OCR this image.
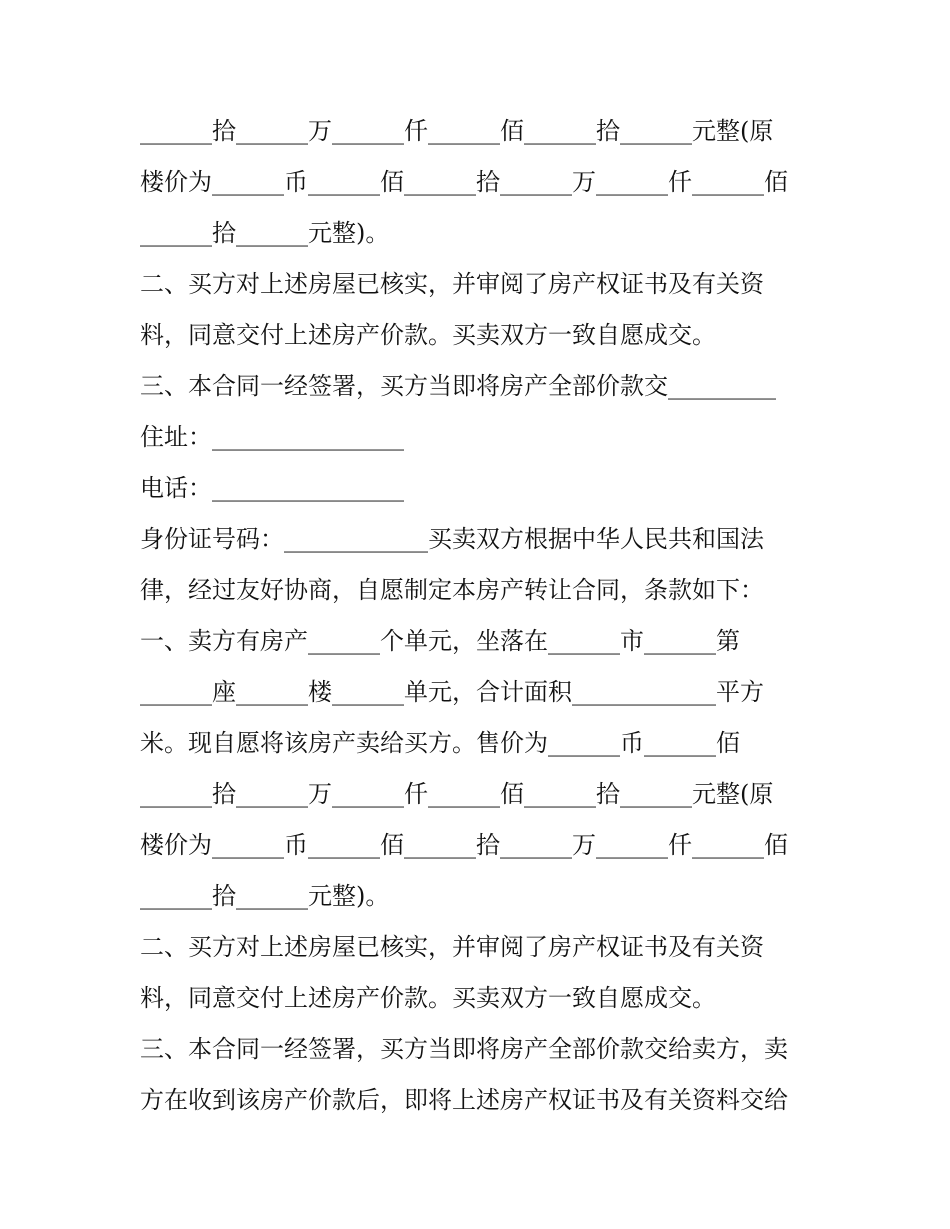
______拾______万______仟______佰______拾______元整(原
楼价为______币______佰______拾______万______仟______佰
______拾______元整)。
二、买方对上述房屋已核实，并审阅了房产权证书及有关资
料，同意交付上述房产价款。买卖双方一致自愿成交。
三、本合同一经签署，买方当即将房产全部价款交_________
住址：________________
电话：________________
身份证号码：____________买卖双方根据中华人民共和国法
律，经过友好协商，自愿制定本房产转让合同，条款如下：
一、卖方有房产______个单元，坐落在______市______第
______座______楼______单元，合计面积____________平方
米。现自愿将该房产卖给买方。售价为______币______佰
______拾______万______仟______佰______拾______元整(原
楼价为______币______佰______拾______万______仟______佰
______拾______元整)。
二、买方对上述房屋已核实，并审阅了房产权证书及有关资
料，同意交付上述房产价款。买卖双方一致自愿成交。
三、本合同一经签署，买方当即将房产全部价款交给卖方，卖
方在收到该房产价款后，即将上述房产权证书及有关资料交给
